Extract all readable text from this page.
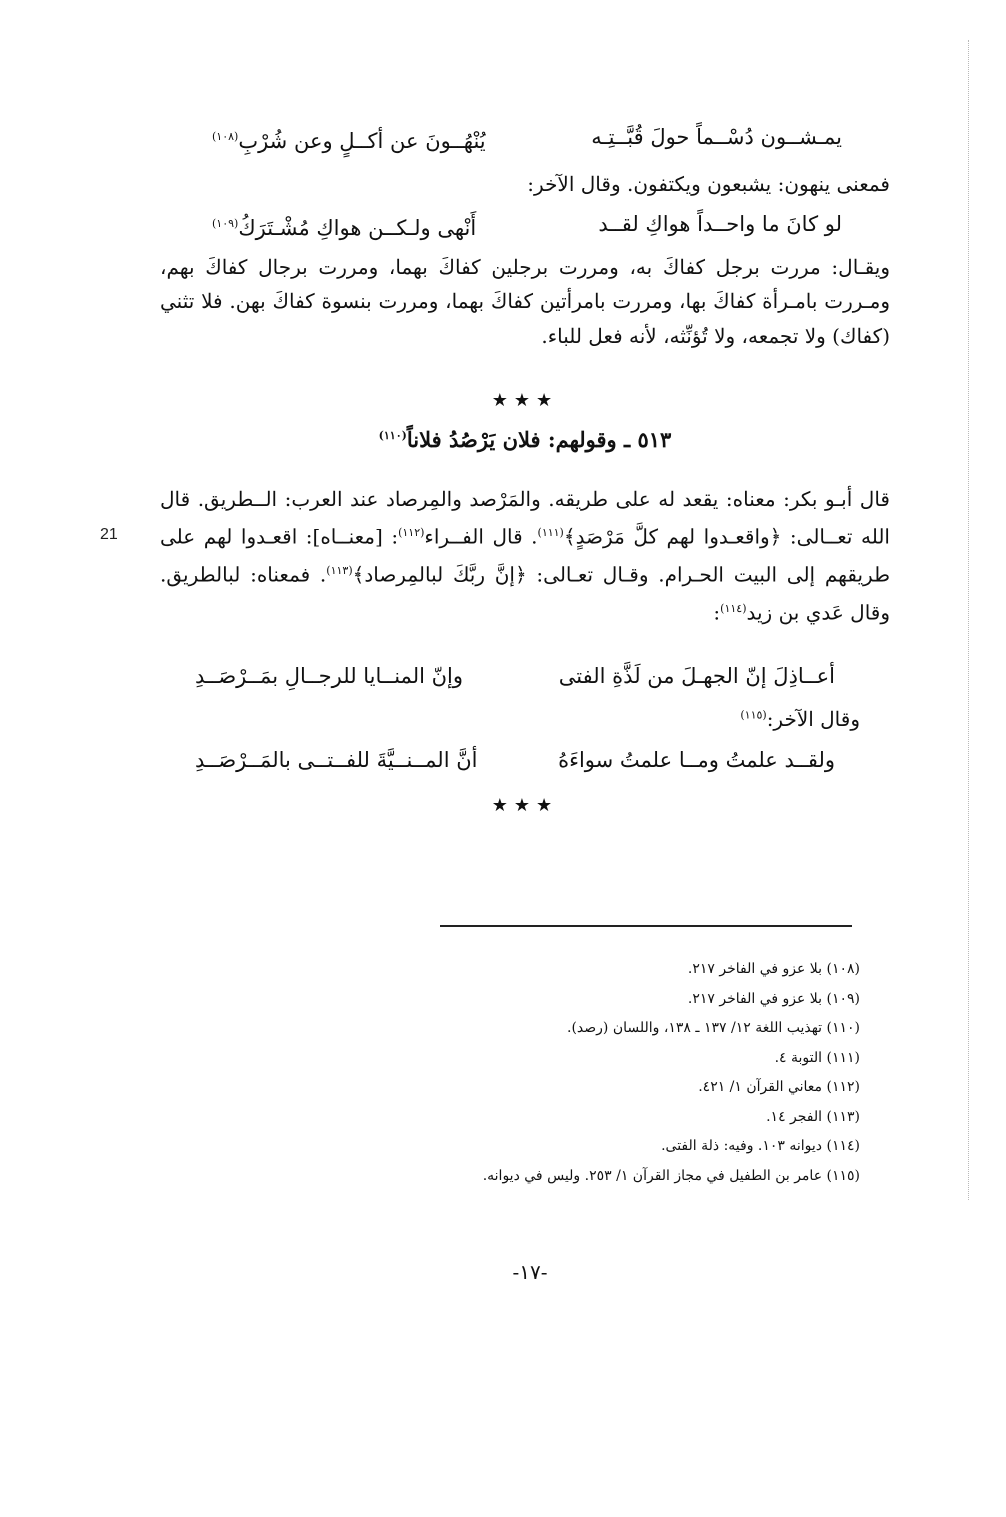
21
يمـشــون دُسْــماً حولَ قُبَّــتِـه
يُنْهُــونَ عن أكــلٍ وعن شُرْبِ$^{(١٠٨)}$
فمعنى ينهون: يشبعون ويكتفون. وقال الآخر:
لو كانَ ما واحــداً هواكِ لقــد
أَنْهى ولـكــن هواكِ مُشْـتَرَكُ$^{(١٠٩)}$
ويقـال: مررت برجل كفاكَ به، ومررت برجلين كفاكَ بهما، ومررت برجال كفاكَ بهم، ومـررت بامـرأة كفاكَ بها، ومررت بامرأتين كفاكَ بهما، ومررت بنسوة كفاكَ بهن. فلا تثني (كفاك) ولا تجمعه، ولا تُؤنِّثه، لأنه فعل للباء.
★★★
٥١٣ ـ وقولهم: فلان يَرْصُدُ فلاناً$^{(١١٠)}$
قال أبـو بكر: معناه: يقعد له على طريقه. والمَرْصد والمِرصاد عند العرب: الــطريق. قال الله تعــالى: ﴿واقعـدوا لهم كلَّ مَرْصَدٍ﴾$^{(١١١)}$. قال الفــراء$^{(١١٢)}$: [معنــاه]: اقعـدوا لهم على طريقهم إلى البيت الحـرام. وقـال تعـالى: ﴿إنَّ ربَّكَ لبالمِرصاد﴾$^{(١١٣)}$. فمعناه: لبالطريق. وقال عَدي بن زيد$^{(١١٤)}$:
أعــاذِلَ إنّ الجهـلَ من لَذَّةِ الفتى
وإنّ المنــايا للرجــالِ بمَــرْصَــدِ
وقال الآخر:$^{(١١٥)}$
ولقــد علمتُ ومــا علمتُ سواءَهُ
أنَّ المــنــيَّةَ للفــتــى بالمَــرْصَــدِ
★★★
(١٠٨) بلا عزو في الفاخر ٢١٧.
(١٠٩) بلا عزو في الفاخر ٢١٧.
(١١٠) تهذيب اللغة ١٢/ ١٣٧ ـ ١٣٨، واللسان (رصد).
(١١١) التوبة ٤.
(١١٢) معاني القرآن ١/ ٤٢١.
(١١٣) الفجر ١٤.
(١١٤) ديوانه ١٠٣. وفيه: ذلة الفتى.
(١١٥) عامر بن الطفيل في مجاز القرآن ١/ ٢٥٣. وليس في ديوانه.
-١٧-
